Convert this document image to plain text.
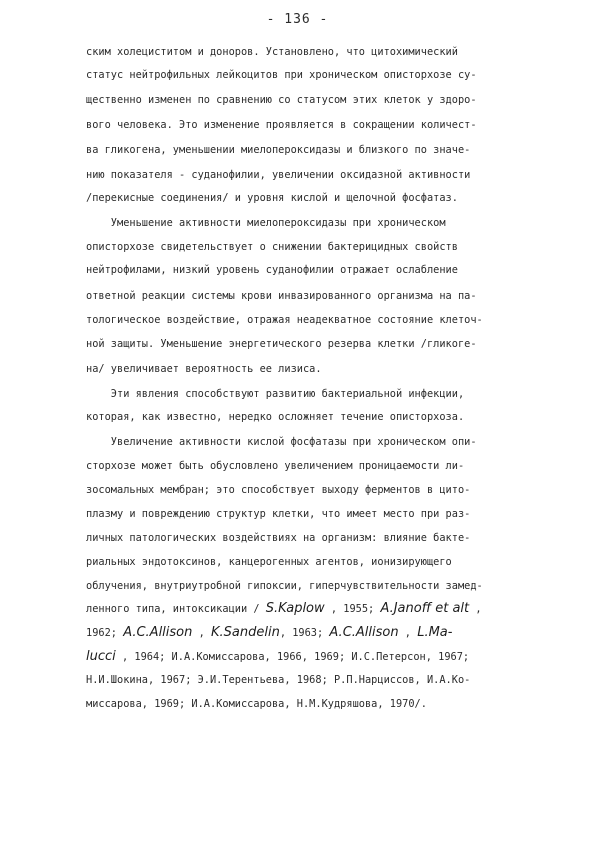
- 136 -
ским холециститом и доноров. Установлено, что цитохимический
статус нейтрофильных лейкоцитов при хроническом описторхозе су-
щественно изменен по сравнению со статусом этих клеток у здоро-
вого человека. Это изменение проявляется в сокращении количест-
ва гликогена, уменьшении миелопероксидазы и близкого по значе-
нию показателя - суданофилии, увеличении оксидазной активности
/перекисные соединения/ и уровня кислой и щелочной фосфатаз.
Уменьшение активности миелопероксидазы при хроническом
описторхозе свидетельствует о снижении бактерицидных свойств
нейтрофилами, низкий уровень суданофилии отражает ослабление
ответной реакции системы крови инвазированного организма на па-
тологическое воздействие, отражая неадекватное состояние клеточ-
ной защиты. Уменьшение энергетического резерва клетки /гликоге-
на/ увеличивает вероятность ее лизиса.
Эти явления способствуют развитию бактериальной инфекции,
которая, как известно, нередко осложняет течение описторхоза.
Увеличение активности кислой фосфатазы при хроническом опи-
сторхозе может быть обусловлено увеличением проницаемости ли-
зосомальных мембран; это способствует выходу ферментов в цито-
плазму и повреждению структур клетки, что имеет место при раз-
личных патологических воздействиях на организм: влияние бакте-
риальных эндотоксинов, канцерогенных агентов, ионизирующего
облучения, внутриутробной гипоксии, гиперчувствительности замед-
ленного типа, интоксикации / S.Kaplow , 1955; A.Janoff et alt ,
1962; A.C.Allison , K.Sandelin, 1963; A.C.Allison , L.Ma-
lucci , 1964; И.А.Комиссарова, 1966, 1969; И.С.Петерсон, 1967;
Н.И.Шокина, 1967; Э.И.Терентьева, 1968; Р.П.Нарциссов, И.А.Ко-
миссарова, 1969; И.А.Комиссарова, Н.М.Кудряшова, 1970/.
